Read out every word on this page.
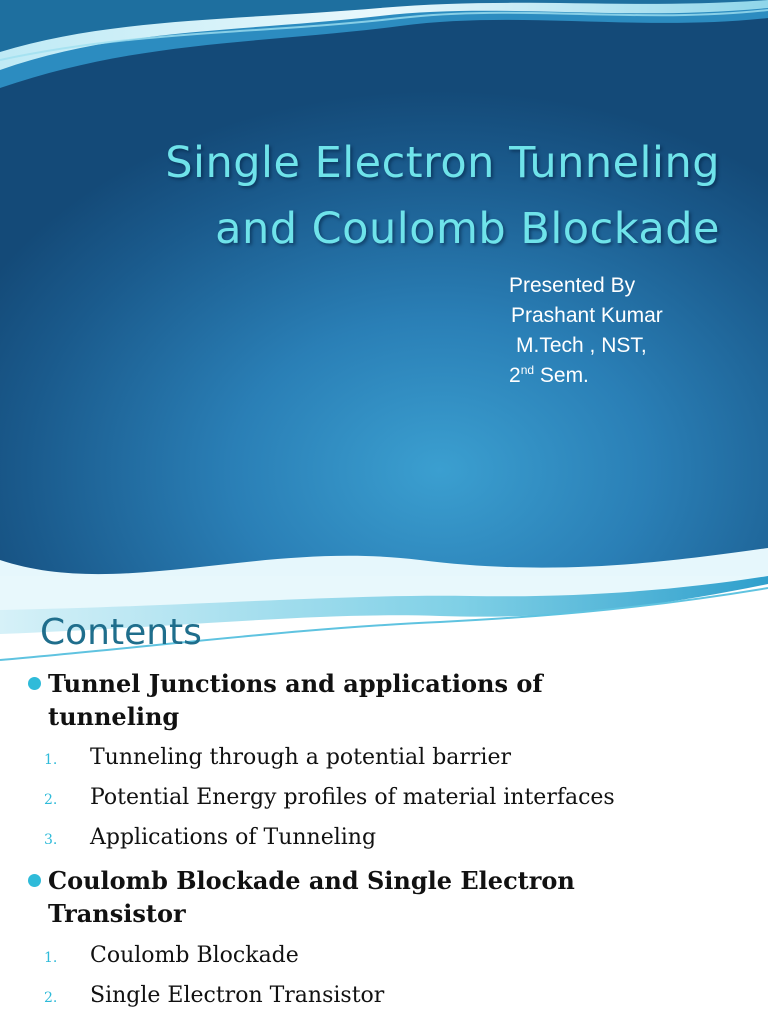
Single Electron Tunneling
and Coulomb Blockade
Presented By
Prashant Kumar
M.Tech , NST,
2nd Sem.
Contents
Tunnel Junctions and applications of tunneling
1. Tunneling through a potential barrier
2. Potential Energy profiles of material interfaces
3. Applications of Tunneling
Coulomb Blockade and Single Electron Transistor
1. Coulomb Blockade
2. Single Electron Transistor
